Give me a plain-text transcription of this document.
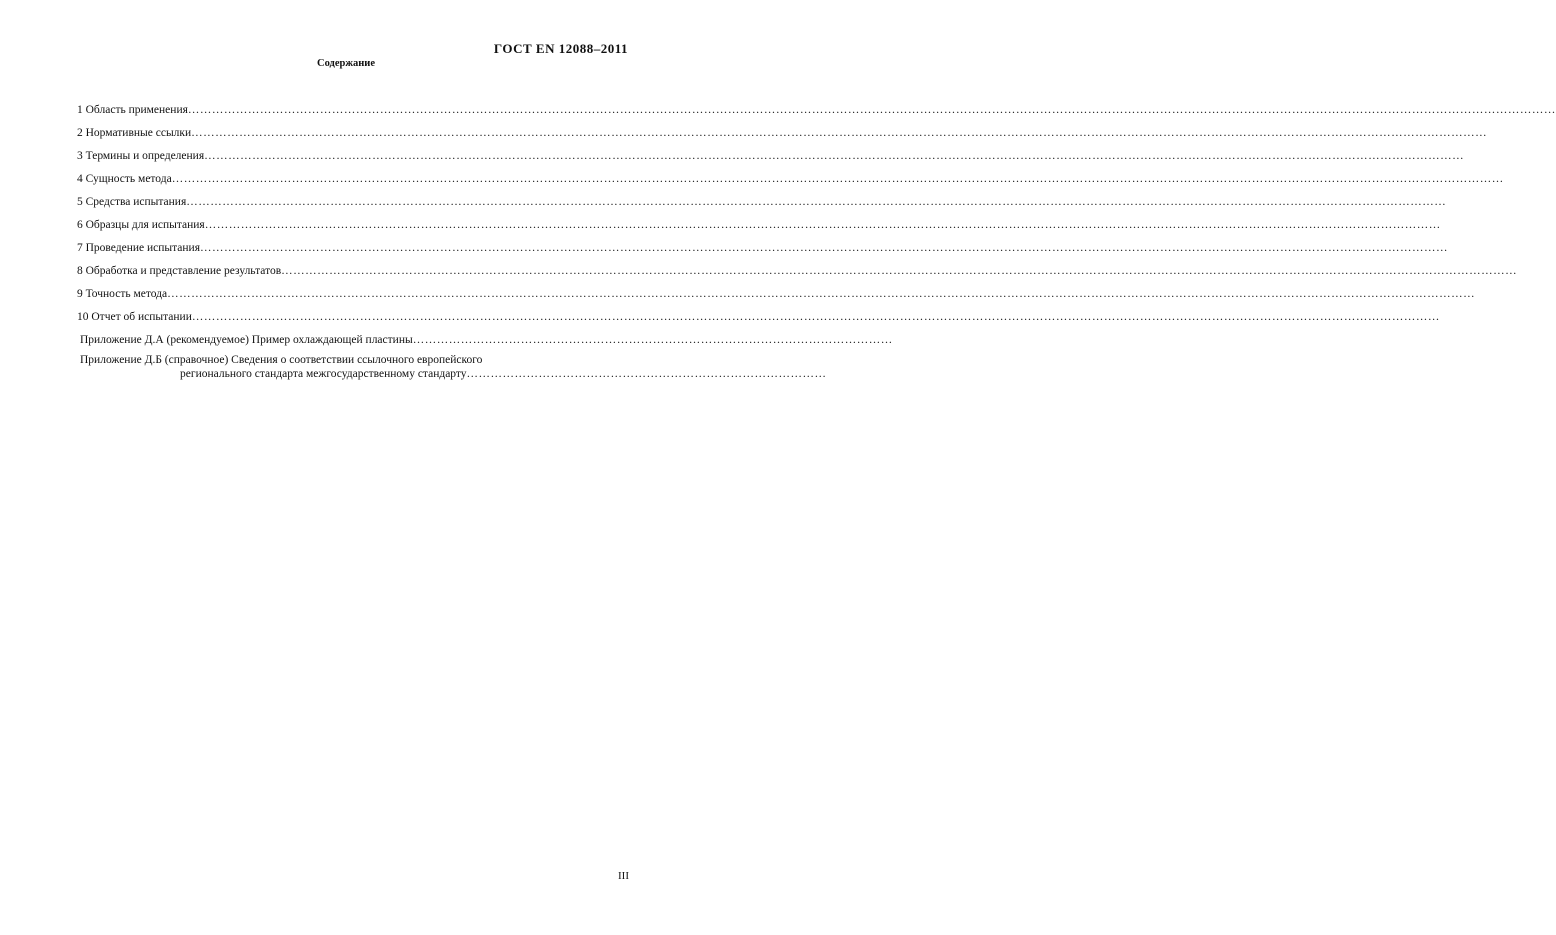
ГОСТ EN 12088–2011
Содержание
1 Область применения………………………………………………………………………………………………………………………………………………………………………………………………………………………………………………………………………………………………………………
2 Нормативные ссылки………………………………………………………………………………………………………………………………………………………………………………………………………………………………………………………………………………………………
3 Термины и определения………………………………………………………………………………………………………………………………………………………………………………………………………………………………………………………………………………………
4 Сущность метода………………………………………………………………………………………………………………………………………………………………………………………………………………………………………………………………………………………………………
5 Средства испытания………………………………………………………………………………………………………………………………………………………………………………………………………………………………………………………………………………………
6 Образцы для испытания…………………………………………………………………………………………………………………………………………………………………………………………………………………………………………………………………………………
7 Проведение испытания……………………………………………………………………………………………………………………………………………………………………………………………………………………………………………………………………………………
8 Обработка и представление результатов…………………………………………………………………………………………………………………………………………………………………………………………………………………………………………………………………………………
9 Точность метода…………………………………………………………………………………………………………………………………………………………………………………………………………………………………………………………………………………………………
10 Отчет об испытании……………………………………………………………………………………………………………………………………………………………………………………………………………………………………………………………………………………
Приложение Д.А (рекомендуемое) Пример охлаждающей пластины…………………………………………………………………………………………………………
Приложение Д.Б (справочное) Сведения о соответствии ссылочного европейского
регионального стандарта межгосударственному стандарту………………………………………………………………………………
III
